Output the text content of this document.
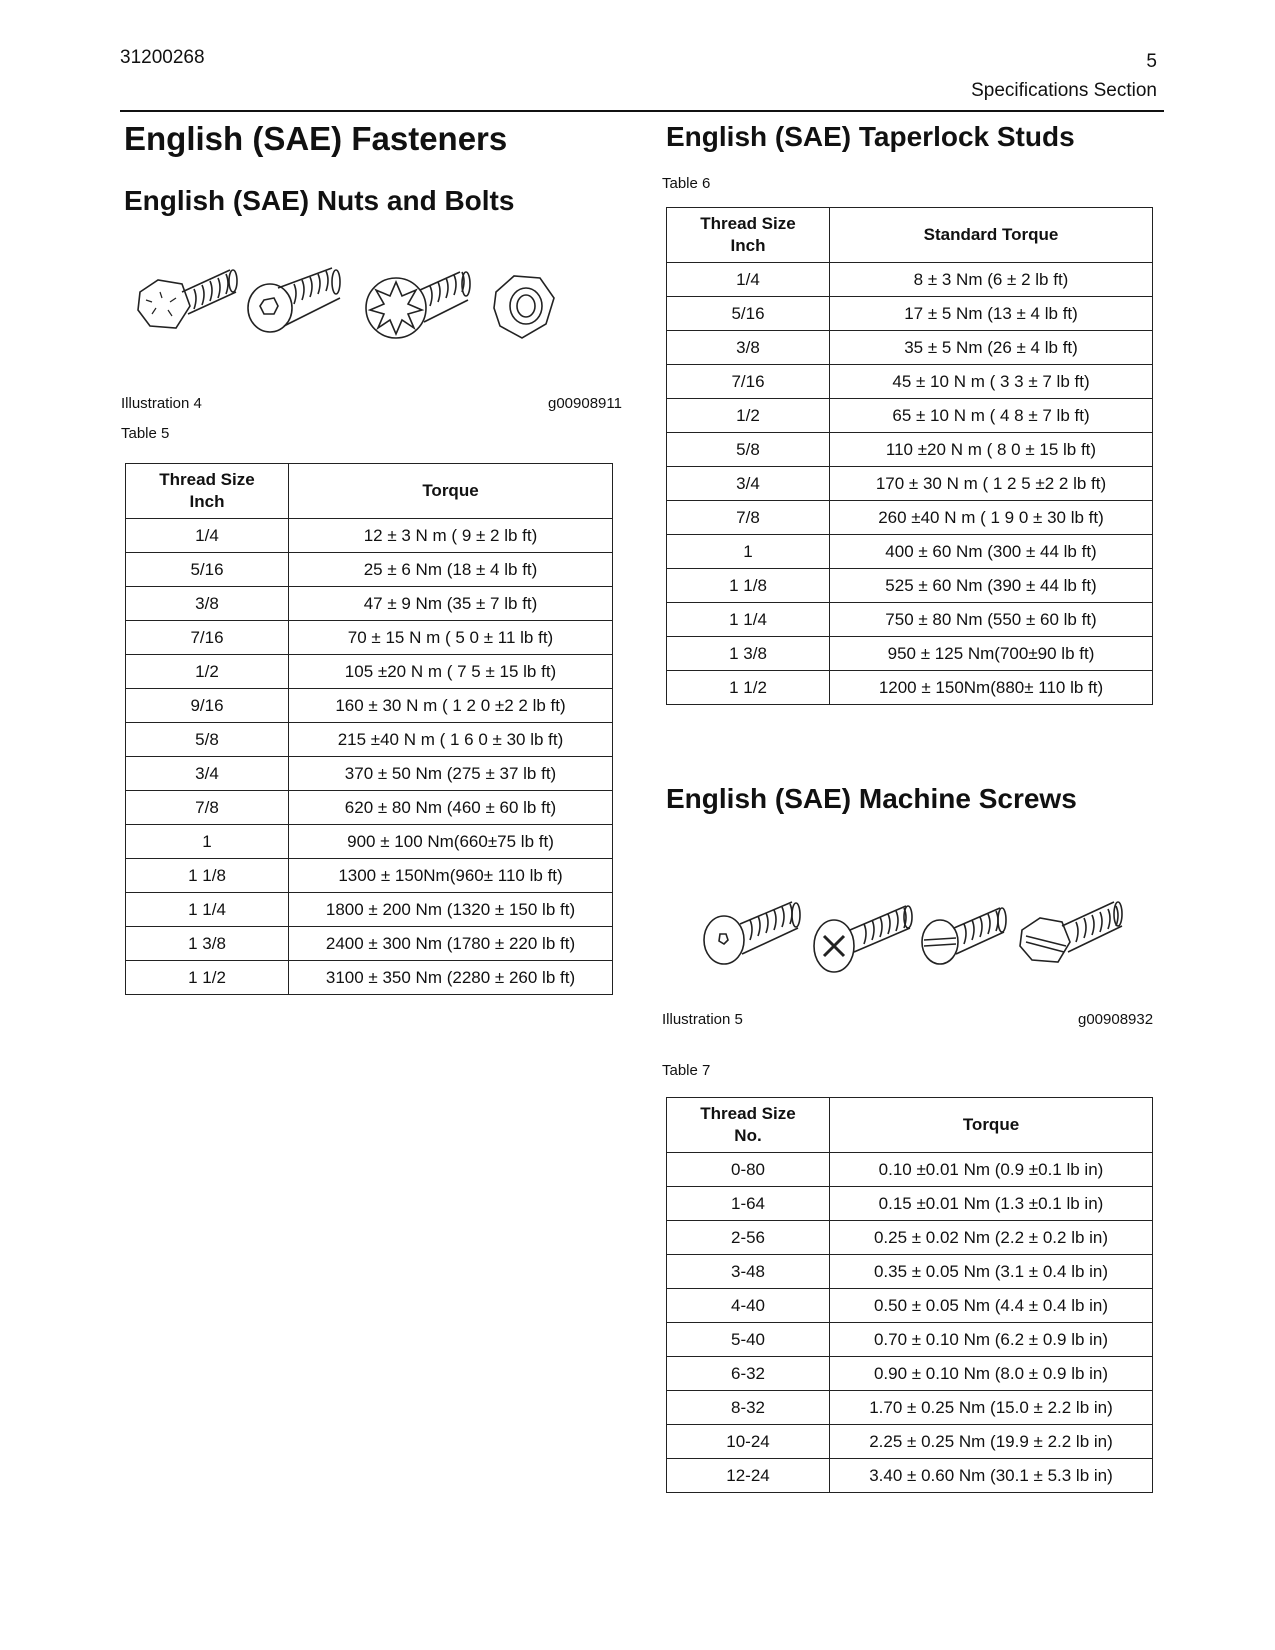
31200268	5
Specifications Section
English (SAE) Fasteners
English (SAE) Nuts and Bolts
Illustration 4	g00908911
Table 5
Thread Size
Inch	Torque
1/4	12 ± 3 N m ( 9 ± 2 lb ft)
5/16	25 ± 6 Nm (18 ± 4 lb ft)
3/8	47 ± 9 Nm (35 ± 7 lb ft)
7/16	70 ± 15 N m ( 5 0 ± 11 lb ft)
1/2	105 ±20 N m ( 7 5 ± 15 lb ft)
9/16	160 ± 30 N m ( 1 2 0 ±2 2 lb ft)
5/8	215 ±40 N m ( 1 6 0 ± 30 lb ft)
3/4	370 ± 50 Nm (275 ± 37 lb ft)
7/8	620 ± 80 Nm (460 ± 60 lb ft)
1	900 ± 100 Nm(660±75 lb ft)
1 1/8	1300 ± 150Nm(960± 110 lb ft)
1 1/4	1800 ± 200 Nm (1320 ± 150 lb ft)
1 3/8	2400 ± 300 Nm (1780 ± 220 lb ft)
1 1/2	3100 ± 350 Nm (2280 ± 260 lb ft)
English (SAE) Taperlock Studs
Table 6
Thread Size
Inch	Standard Torque
1/4	8 ± 3 Nm (6 ± 2 lb ft)
5/16	17 ± 5 Nm (13 ± 4 lb ft)
3/8	35 ± 5 Nm (26 ± 4 lb ft)
7/16	45 ± 10 N m ( 3 3 ± 7 lb ft)
1/2	65 ± 10 N m ( 4 8 ± 7 lb ft)
5/8	110 ±20 N m ( 8 0 ± 15 lb ft)
3/4	170 ± 30 N m ( 1 2 5 ±2 2 lb ft)
7/8	260 ±40 N m ( 1 9 0 ± 30 lb ft)
1	400 ± 60 Nm (300 ± 44 lb ft)
1 1/8	525 ± 60 Nm (390 ± 44 lb ft)
1 1/4	750 ± 80 Nm (550 ± 60 lb ft)
1 3/8	950 ± 125 Nm(700±90 lb ft)
1 1/2	1200 ± 150Nm(880± 110 lb ft)
English (SAE) Machine Screws
Illustration 5	g00908932
Table 7
Thread Size
No.	Torque
0-80	0.10 ±0.01 Nm (0.9 ±0.1 lb in)
1-64	0.15 ±0.01 Nm (1.3 ±0.1 lb in)
2-56	0.25 ± 0.02 Nm (2.2 ± 0.2 lb in)
3-48	0.35 ± 0.05 Nm (3.1 ± 0.4 lb in)
4-40	0.50 ± 0.05 Nm (4.4 ± 0.4 lb in)
5-40	0.70 ± 0.10 Nm (6.2 ± 0.9 lb in)
6-32	0.90 ± 0.10 Nm (8.0 ± 0.9 lb in)
8-32	1.70 ± 0.25 Nm (15.0 ± 2.2 lb in)
10-24	2.25 ± 0.25 Nm (19.9 ± 2.2 lb in)
12-24	3.40 ± 0.60 Nm (30.1 ± 5.3 lb in)
